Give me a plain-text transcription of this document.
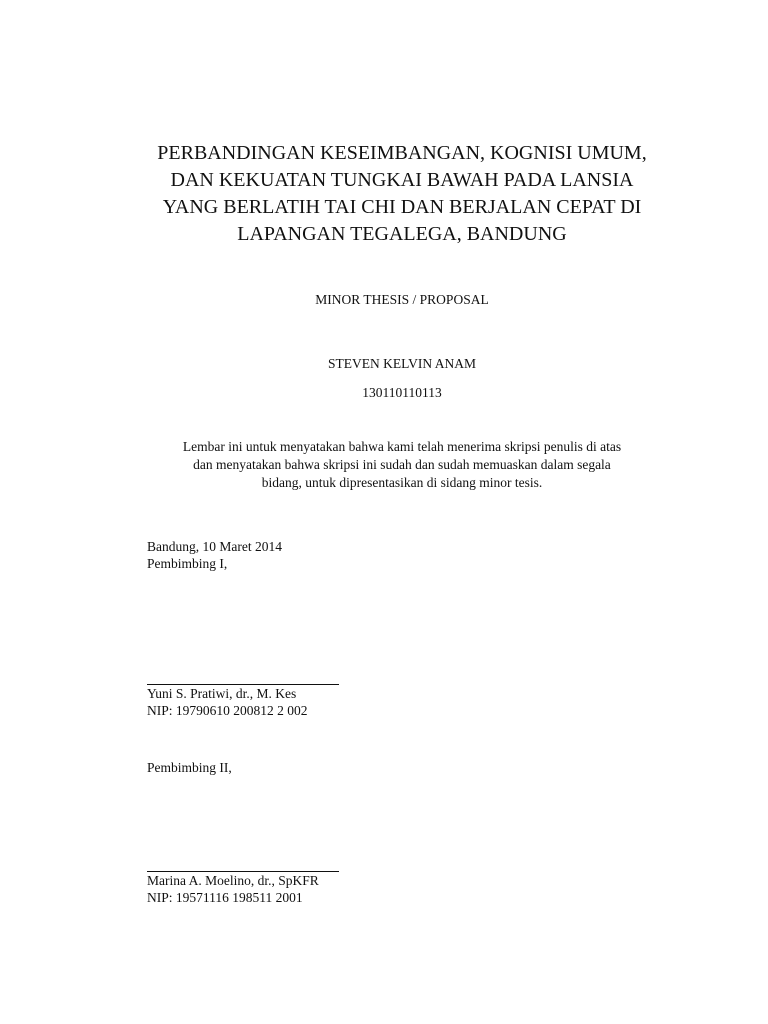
PERBANDINGAN KESEIMBANGAN, KOGNISI UMUM,
DAN KEKUATAN TUNGKAI BAWAH PADA LANSIA
YANG BERLATIH TAI CHI DAN BERJALAN CEPAT DI
LAPANGAN TEGALEGA, BANDUNG
MINOR THESIS / PROPOSAL
STEVEN KELVIN ANAM
130110110113
Lembar ini untuk menyatakan bahwa kami telah menerima skripsi penulis di atas
dan menyatakan bahwa skripsi ini sudah dan sudah memuaskan dalam segala
bidang, untuk dipresentasikan di sidang minor tesis.
Bandung, 10 Maret 2014
Pembimbing I,
Yuni S. Pratiwi, dr., M. Kes
NIP: 19790610 200812 2 002
Pembimbing II,
Marina A. Moelino, dr., SpKFR
NIP: 19571116 198511 2001
